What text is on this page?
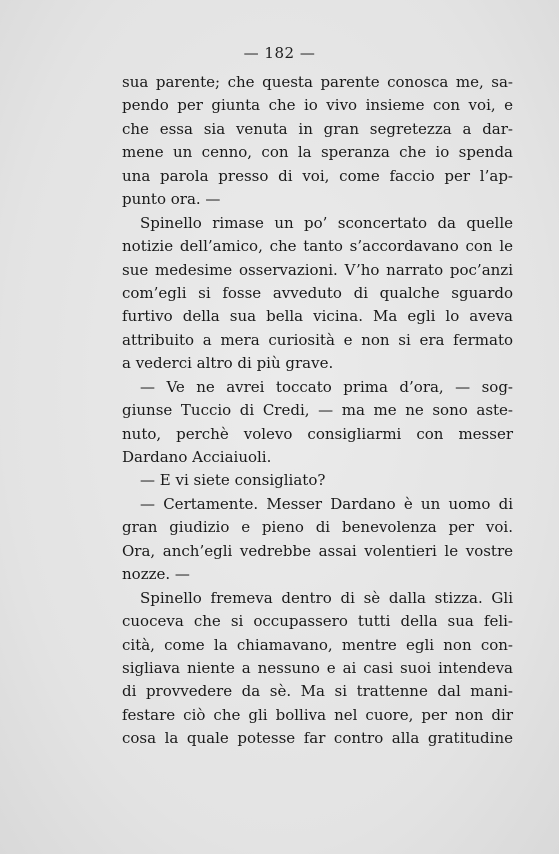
— 182 —
sua parente; che questa parente conosca me, sa-
pendo per giunta che io vivo insieme con voi, e
che essa sia venuta in gran segretezza a dar-
mene un cenno, con la speranza che io spenda
una parola presso di voi, come faccio per l’ap-
punto ora. —
Spinello rimase un po’ sconcertato da quelle
notizie dell’amico, che tanto s’accordavano con le
sue medesime osservazioni. V’ho narrato poc’anzi
com’egli si fosse avveduto di qualche sguardo
furtivo della sua bella vicina. Ma egli lo aveva
attribuito a mera curiosità e non si era fermato
a vederci altro di più grave.
— Ve ne avrei toccato prima d’ora, — sog-
giunse Tuccio di Credi, — ma me ne sono aste-
nuto, perchè volevo consigliarmi con messer
Dardano Acciaiuoli.
— E vi siete consigliato?
— Certamente. Messer Dardano è un uomo di
gran giudizio e pieno di benevolenza per voi.
Ora, anch’egli vedrebbe assai volentieri le vostre
nozze. —
Spinello fremeva dentro di sè dalla stizza. Gli
cuoceva che si occupassero tutti della sua feli-
cità, come la chiamavano, mentre egli non con-
sigliava niente a nessuno e ai casi suoi intendeva
di provvedere da sè. Ma si trattenne dal mani-
festare ciò che gli bolliva nel cuore, per non dir
cosa la quale potesse far contro alla gratitudine
